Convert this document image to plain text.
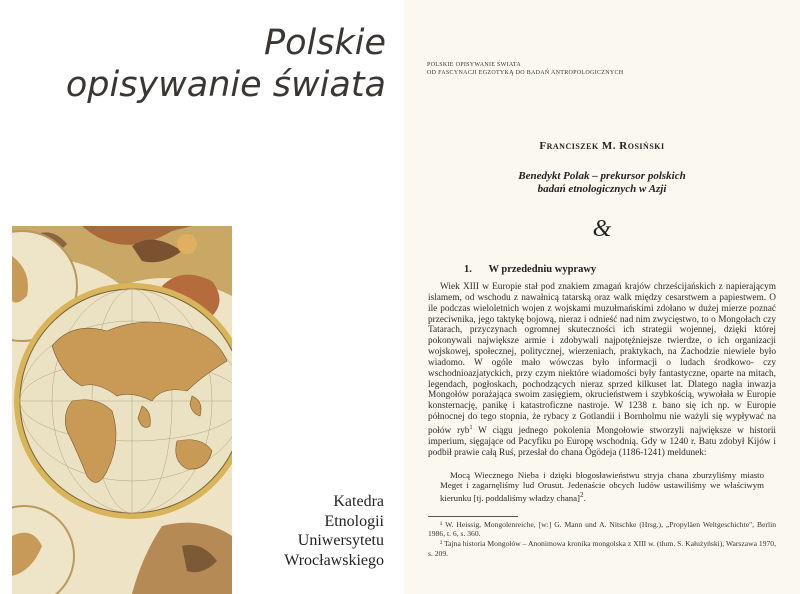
Polskie
opisywanie świata
Katedra
Etnologii
Uniwersytetu
Wrocławskiego
POLSKIE OPISYWANIE ŚWIATA
OD FASCYNACJI EGZOTYKĄ DO BADAŃ ANTROPOLOGICZNYCH
Franciszek M. Rosiński
Benedykt Polak – prekursor polskich
badań etnologicznych w Azji
&
1. W przededniu wyprawy

Wiek XIII w Europie stał pod znakiem zmagań krajów chrześcijańskich z napierającym islamem, od wschodu z nawałnicą tatarską oraz walk między cesarstwem a papiestwem. O ile podczas wieloletnich wojen z wojskami muzułmańskimi zdołano w dużej mierze poznać przeciwnika, jego taktykę bojową, nieraz i odnieść nad nim zwycięstwo, to o Mongołach czy Tatarach, przyczynach ogromnej skuteczności ich strategii wojennej, dzięki której pokonywali największe armie i zdobywali najpotężniejsze twierdze, o ich organizacji wojskowej, społecznej, politycznej, wierzeniach, praktykach, na Zachodzie niewiele było wiadomo. W ogóle mało wówczas było informacji o ludach środkowo- czy wschodnioazjatyckich, przy czym niektóre wiadomości były fantastyczne, oparte na mitach, legendach, pogłoskach, pochodzących nieraz sprzed kilkuset lat. Dlatego nagła inwazja Mongołów porażająca swoim zasięgiem, okrucieństwem i szybkością, wywołała w Europie konsternację, panikę i katastroficzne nastroje. W 1238 r. bano się ich np. w Europie północnej do tego stopnia, że rybacy z Gotlandii i Bornholmu nie ważyli się wypływać na połów ryb$^1$ W ciągu jednego pokolenia Mongołowie stworzyli największe w historii imperium, sięgające od Pacyfiku po Europę wschodnią. Gdy w 1240 r. Batu zdobył Kijów i podbił prawie całą Ruś, przesłał do chana Ögödeja (1186-1241) meldunek:

Mocą Wiecznego Nieba i dzięki błogosławieństwu stryja chana zburzyliśmy miasto Meget i zagarnęliśmy lud Orusut. Jedenaście obcych ludów ustawiliśmy we właściwym kierunku [tj. poddaliśmy władzy chana]$^2$.

¹ W. Heissig, Mongolenreiche, [w:] G. Mann und A. Nitschke (Hrsg.), „Propyläen Weltgeschichte", Berlin 1986, t. 6, s. 360.

² Tajna historia Mongołów – Anonimowa kronika mongolska z XIII w. (tłum. S. Kałużyński), Warszawa 1970, s. 209.
